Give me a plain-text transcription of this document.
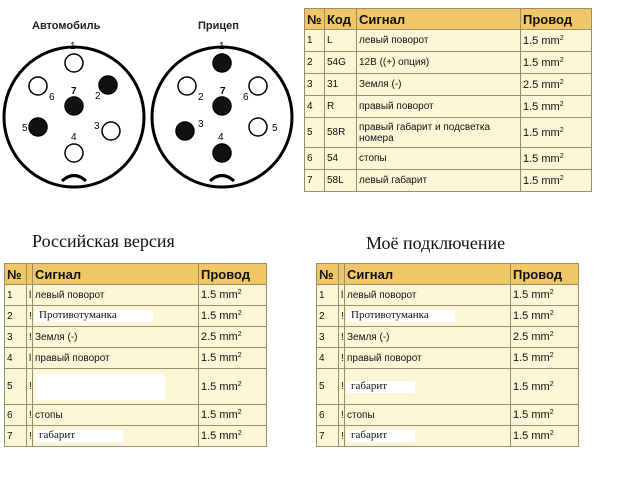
Автомобиль	Прицеп
1
2
3
4
5
6
7
1
2
3
4
5
6
7
№	Код	Сигнал	Провод
1	L	левый поворот	1.5 $mm^2$
2	54G	12В ((+) опция)	1.5 $mm^2$
3	31	Земля (-)	2.5 $mm^2$
4	R	правый поворот	1.5 $mm^2$
5	58R	правый габарит и подсветка номера	1.5 $mm^2$
6	54	стопы	1.5 $mm^2$
7	58L	левый габарит	1.5 $mm^2$
Российская версия	Моё подключение
№		Сигнал	Провод
1	l	левый поворот	1.5 $mm^2$
2	!	Противотуманка	1.5 $mm^2$
3	!	Земля (-)	2.5 $mm^2$
4	l	правый поворот	1.5 $mm^2$
5	!		1.5 $mm^2$
6	!	стопы	1.5 $mm^2$
7	!	габарит	1.5 $mm^2$
№		Сигнал	Провод
1	l	левый поворот	1.5 $mm^2$
2	!	Противотуманка	1.5 $mm^2$
3	!	Земля (-)	2.5 $mm^2$
4	!	правый поворот	1.5 $mm^2$
5	!	габарит	1.5 $mm^2$
6	!	стопы	1.5 $mm^2$
7	!	габарит	1.5 $mm^2$
